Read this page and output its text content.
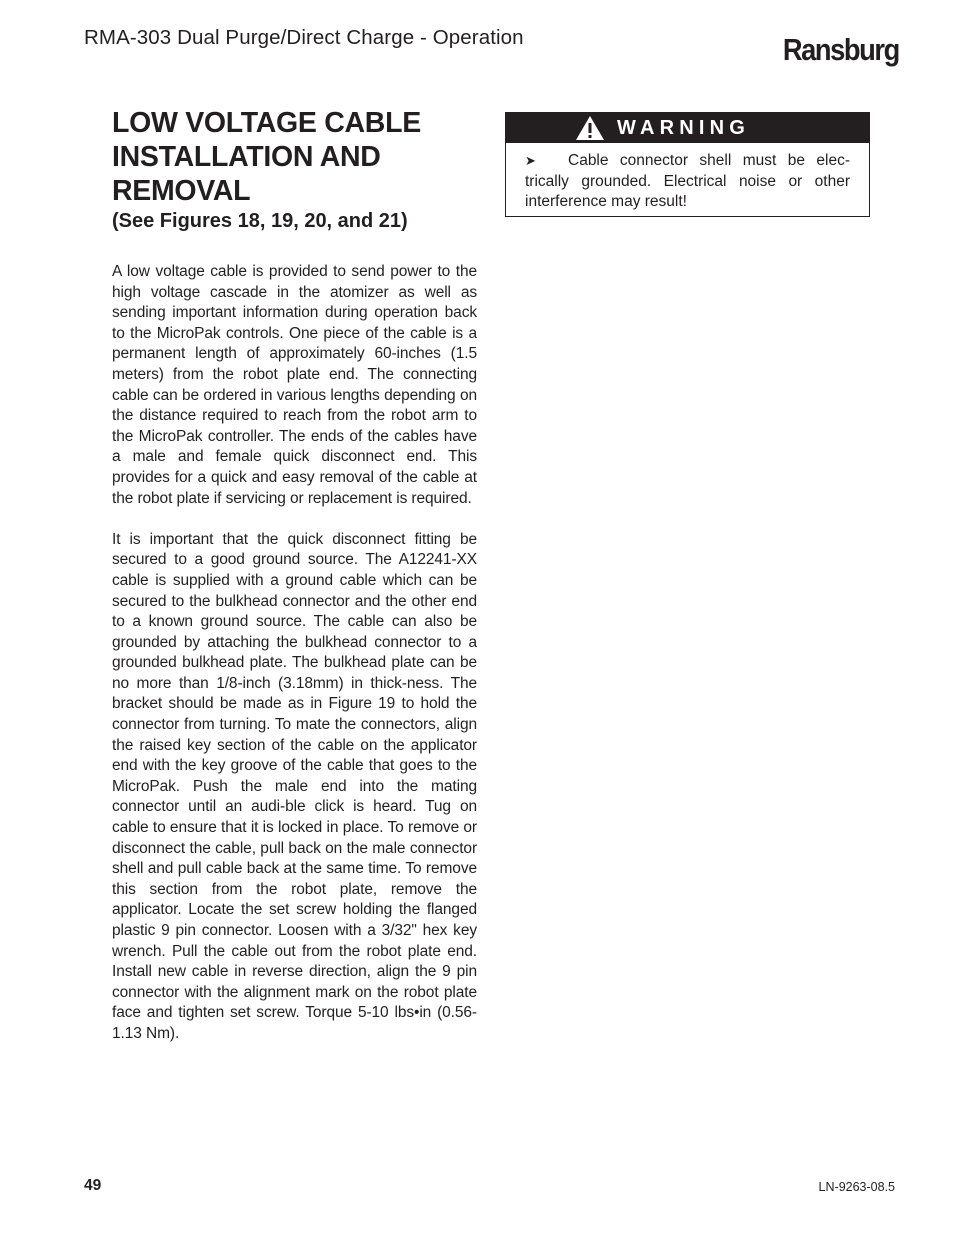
RMA-303 Dual Purge/Direct Charge - Operation	Ransburg
LOW VOLTAGE CABLE INSTALLATION AND REMOVAL
(See Figures 18, 19, 20, and 21)

A low voltage cable is provided to send power to the high voltage cascade in the atomizer as well as sending important information during operation back to the MicroPak controls. One piece of the cable is a permanent length of approximately 60-inches (1.5 meters) from the robot plate end. The connecting cable can be ordered in various lengths depending on the distance required to reach from the robot arm to the MicroPak controller. The ends of the cables have a male and female quick disconnect end. This provides for a quick and easy removal of the cable at the robot plate if servicing or replacement is required.

It is important that the quick disconnect fitting be secured to a good ground source. The A12241-XX cable is supplied with a ground cable which can be secured to the bulkhead connector and the other end to a known ground source. The cable can also be grounded by attaching the bulkhead connector to a grounded bulkhead plate. The bulkhead plate can be no more than 1/8-inch (3.18mm) in thick-ness. The bracket should be made as in Figure 19 to hold the connector from turning. To mate the connectors, align the raised key section of the cable on the applicator end with the key groove of the cable that goes to the MicroPak. Push the male end into the mating connector until an audi-ble click is heard. Tug on cable to ensure that it is locked in place. To remove or disconnect the cable, pull back on the male connector shell and pull cable back at the same time. To remove this section from the robot plate, remove the applicator. Locate the set screw holding the flanged plastic 9 pin connector. Loosen with a 3/32" hex key wrench. Pull the cable out from the robot plate end. Install new cable in reverse direction, align the 9 pin connector with the alignment mark on the robot plate face and tighten set screw. Torque 5-10 lbs•in (0.56-1.13 Nm).

WARNING
➤ Cable connector shell must be elec-trically grounded. Electrical noise or other interference may result!
49	LN-9263-08.5
